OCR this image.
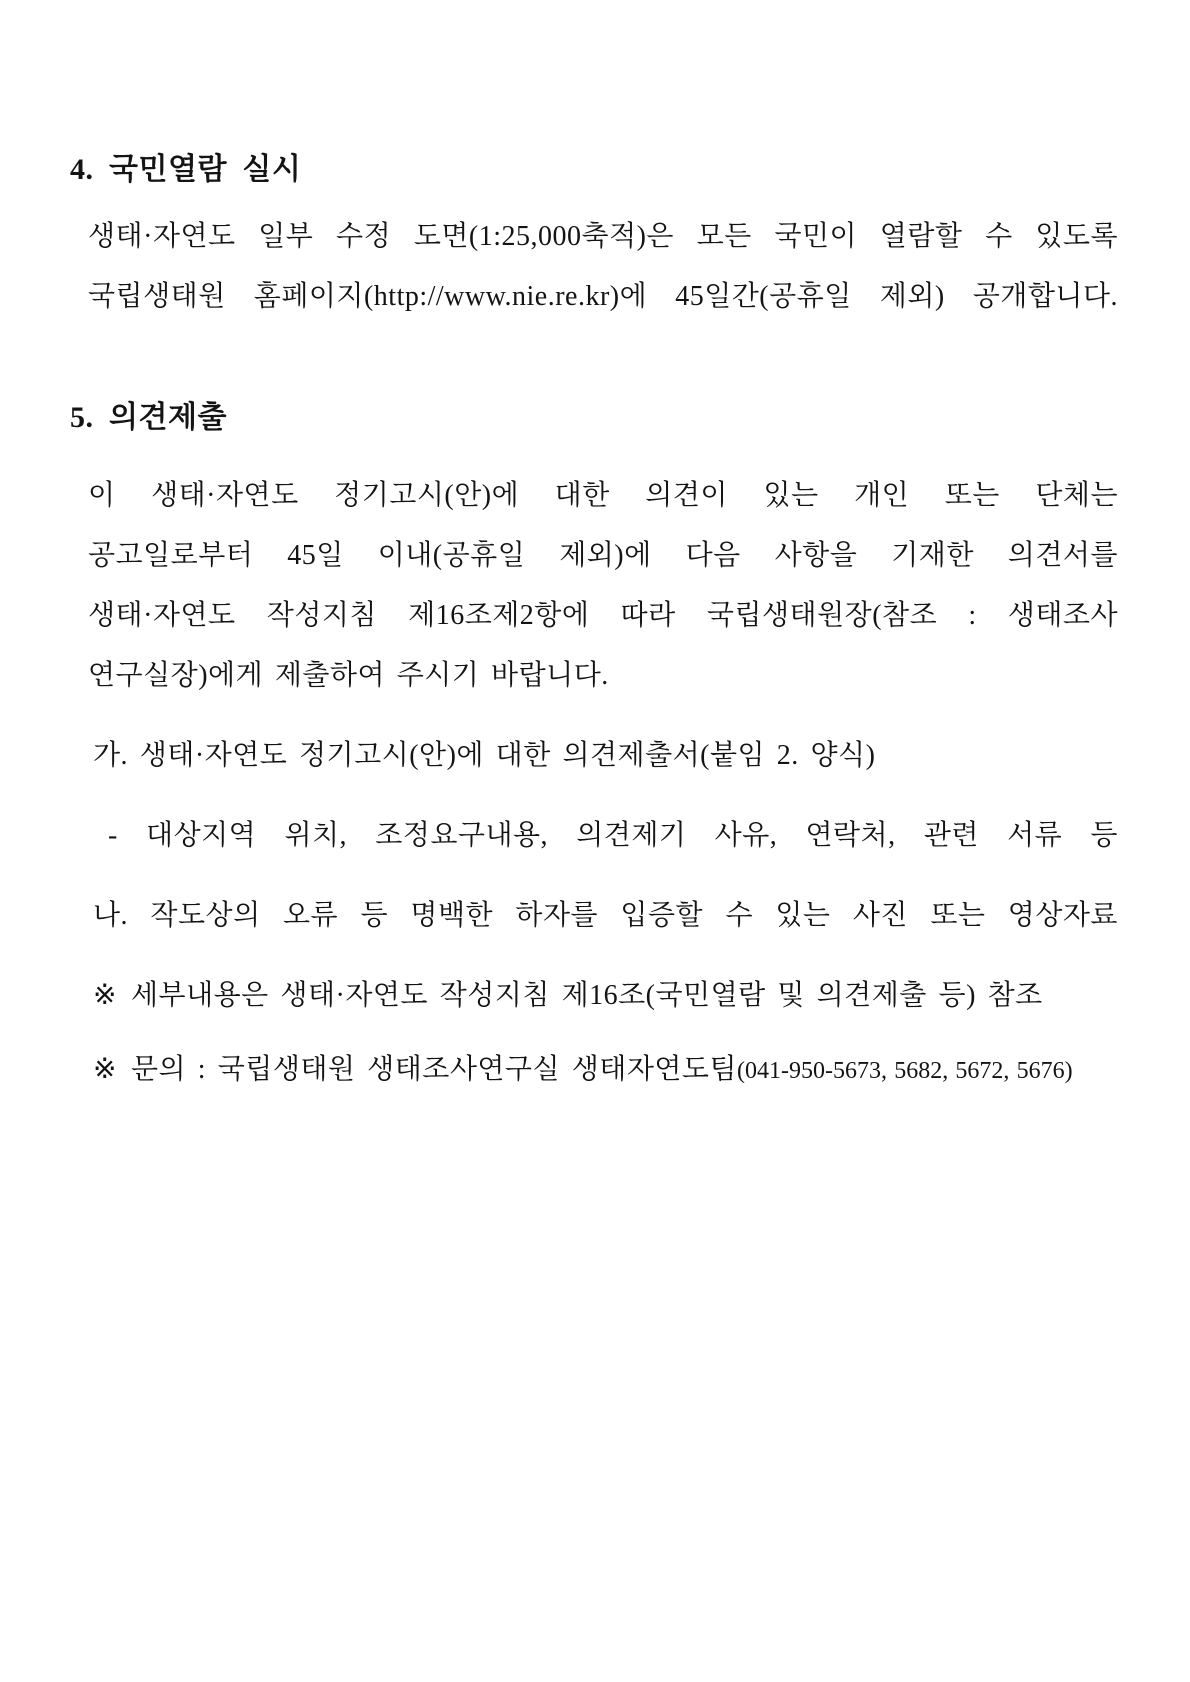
4. 국민열람 실시

생태·자연도 일부 수정 도면(1:25,000축적)은 모든 국민이 열람할 수 있도록
국립생태원 홈페이지(http://www.nie.re.kr)에 45일간(공휴일 제외) 공개합니다.

5. 의견제출

이 생태·자연도 정기고시(안)에 대한 의견이 있는 개인 또는 단체는
공고일로부터 45일 이내(공휴일 제외)에 다음 사항을 기재한 의견서를
생태·자연도 작성지침 제16조제2항에 따라 국립생태원장(참조 : 생태조사
연구실장)에게 제출하여 주시기 바랍니다.

가. 생태·자연도 정기고시(안)에 대한 의견제출서(붙임 2. 양식)

- 대상지역 위치, 조정요구내용, 의견제기 사유, 연락처, 관련 서류 등

나. 작도상의 오류 등 명백한 하자를 입증할 수 있는 사진 또는 영상자료

※ 세부내용은 생태·자연도 작성지침 제16조(국민열람 및 의견제출 등) 참조

※ 문의 : 국립생태원 생태조사연구실 생태자연도팀(041-950-5673, 5682, 5672, 5676)
